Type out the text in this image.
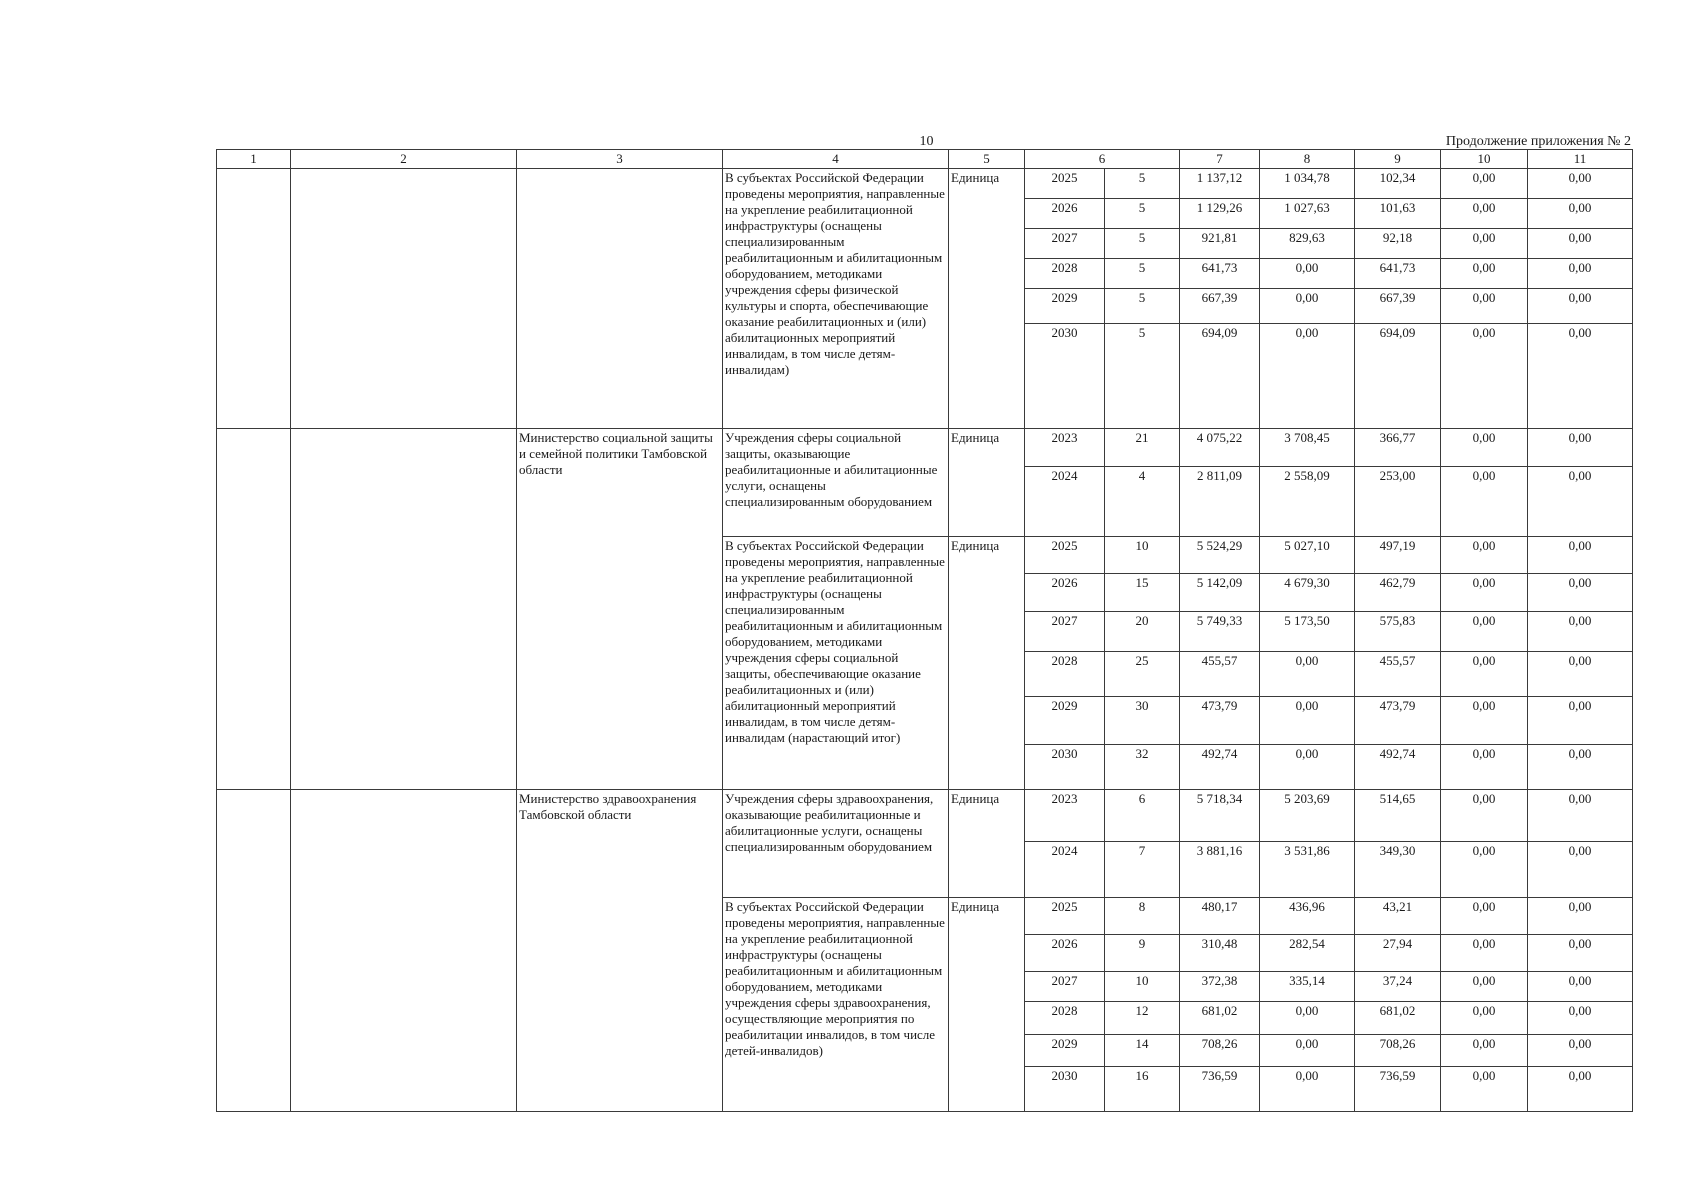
10	Продолжение приложения № 2
1	2	3	4	5	6		7	8	9	10	11
			В субъектах Российской Федерации проведены мероприятия, направленные на укрепление реабилитационной инфраструктуры (оснащены специализированным реабилитационным и абилитационным оборудованием, методиками учреждения сферы физической культуры и спорта, обеспечивающие оказание реабилитационных и (или) абилитационных мероприятий инвалидам, в том числе детям-инвалидам)	Единица	2025	5	1 137,12	1 034,78	102,34	0,00	0,00
					2026	5	1 129,26	1 027,63	101,63	0,00	0,00
					2027	5	921,81	829,63	92,18	0,00	0,00
					2028	5	641,73	0,00	641,73	0,00	0,00
					2029	5	667,39	0,00	667,39	0,00	0,00
					2030	5	694,09	0,00	694,09	0,00	0,00
		Министерство социальной защиты и семейной политики Тамбовской области	Учреждения сферы социальной защиты, оказывающие реабилитационные и абилитационные услуги, оснащены специализированным оборудованием	Единица	2023	21	4 075,22	3 708,45	366,77	0,00	0,00
					2024	4	2 811,09	2 558,09	253,00	0,00	0,00
			В субъектах Российской Федерации проведены мероприятия, направленные на укрепление реабилитационной инфраструктуры (оснащены специализированным реабилитационным и абилитационным оборудованием, методиками учреждения сферы социальной защиты, обеспечивающие оказание реабилитационных и (или) абилитационный мероприятий инвалидам, в том числе детям-инвалидам (нарастающий итог)	Единица	2025	10	5 524,29	5 027,10	497,19	0,00	0,00
					2026	15	5 142,09	4 679,30	462,79	0,00	0,00
					2027	20	5 749,33	5 173,50	575,83	0,00	0,00
					2028	25	455,57	0,00	455,57	0,00	0,00
					2029	30	473,79	0,00	473,79	0,00	0,00
					2030	32	492,74	0,00	492,74	0,00	0,00
		Министерство здравоохранения Тамбовской области	Учреждения сферы здравоохранения, оказывающие реабилитационные и абилитационные услуги, оснащены специализированным оборудованием	Единица	2023	6	5 718,34	5 203,69	514,65	0,00	0,00
					2024	7	3 881,16	3 531,86	349,30	0,00	0,00
			В субъектах Российской Федерации проведены мероприятия, направленные на укрепление реабилитационной инфраструктуры (оснащены реабилитационным и абилитационным оборудованием, методиками учреждения сферы здравоохранения, осуществляющие мероприятия по реабилитации инвалидов, в том числе детей-инвалидов)	Единица	2025	8	480,17	436,96	43,21	0,00	0,00
					2026	9	310,48	282,54	27,94	0,00	0,00
					2027	10	372,38	335,14	37,24	0,00	0,00
					2028	12	681,02	0,00	681,02	0,00	0,00
					2029	14	708,26	0,00	708,26	0,00	0,00
					2030	16	736,59	0,00	736,59	0,00	0,00
